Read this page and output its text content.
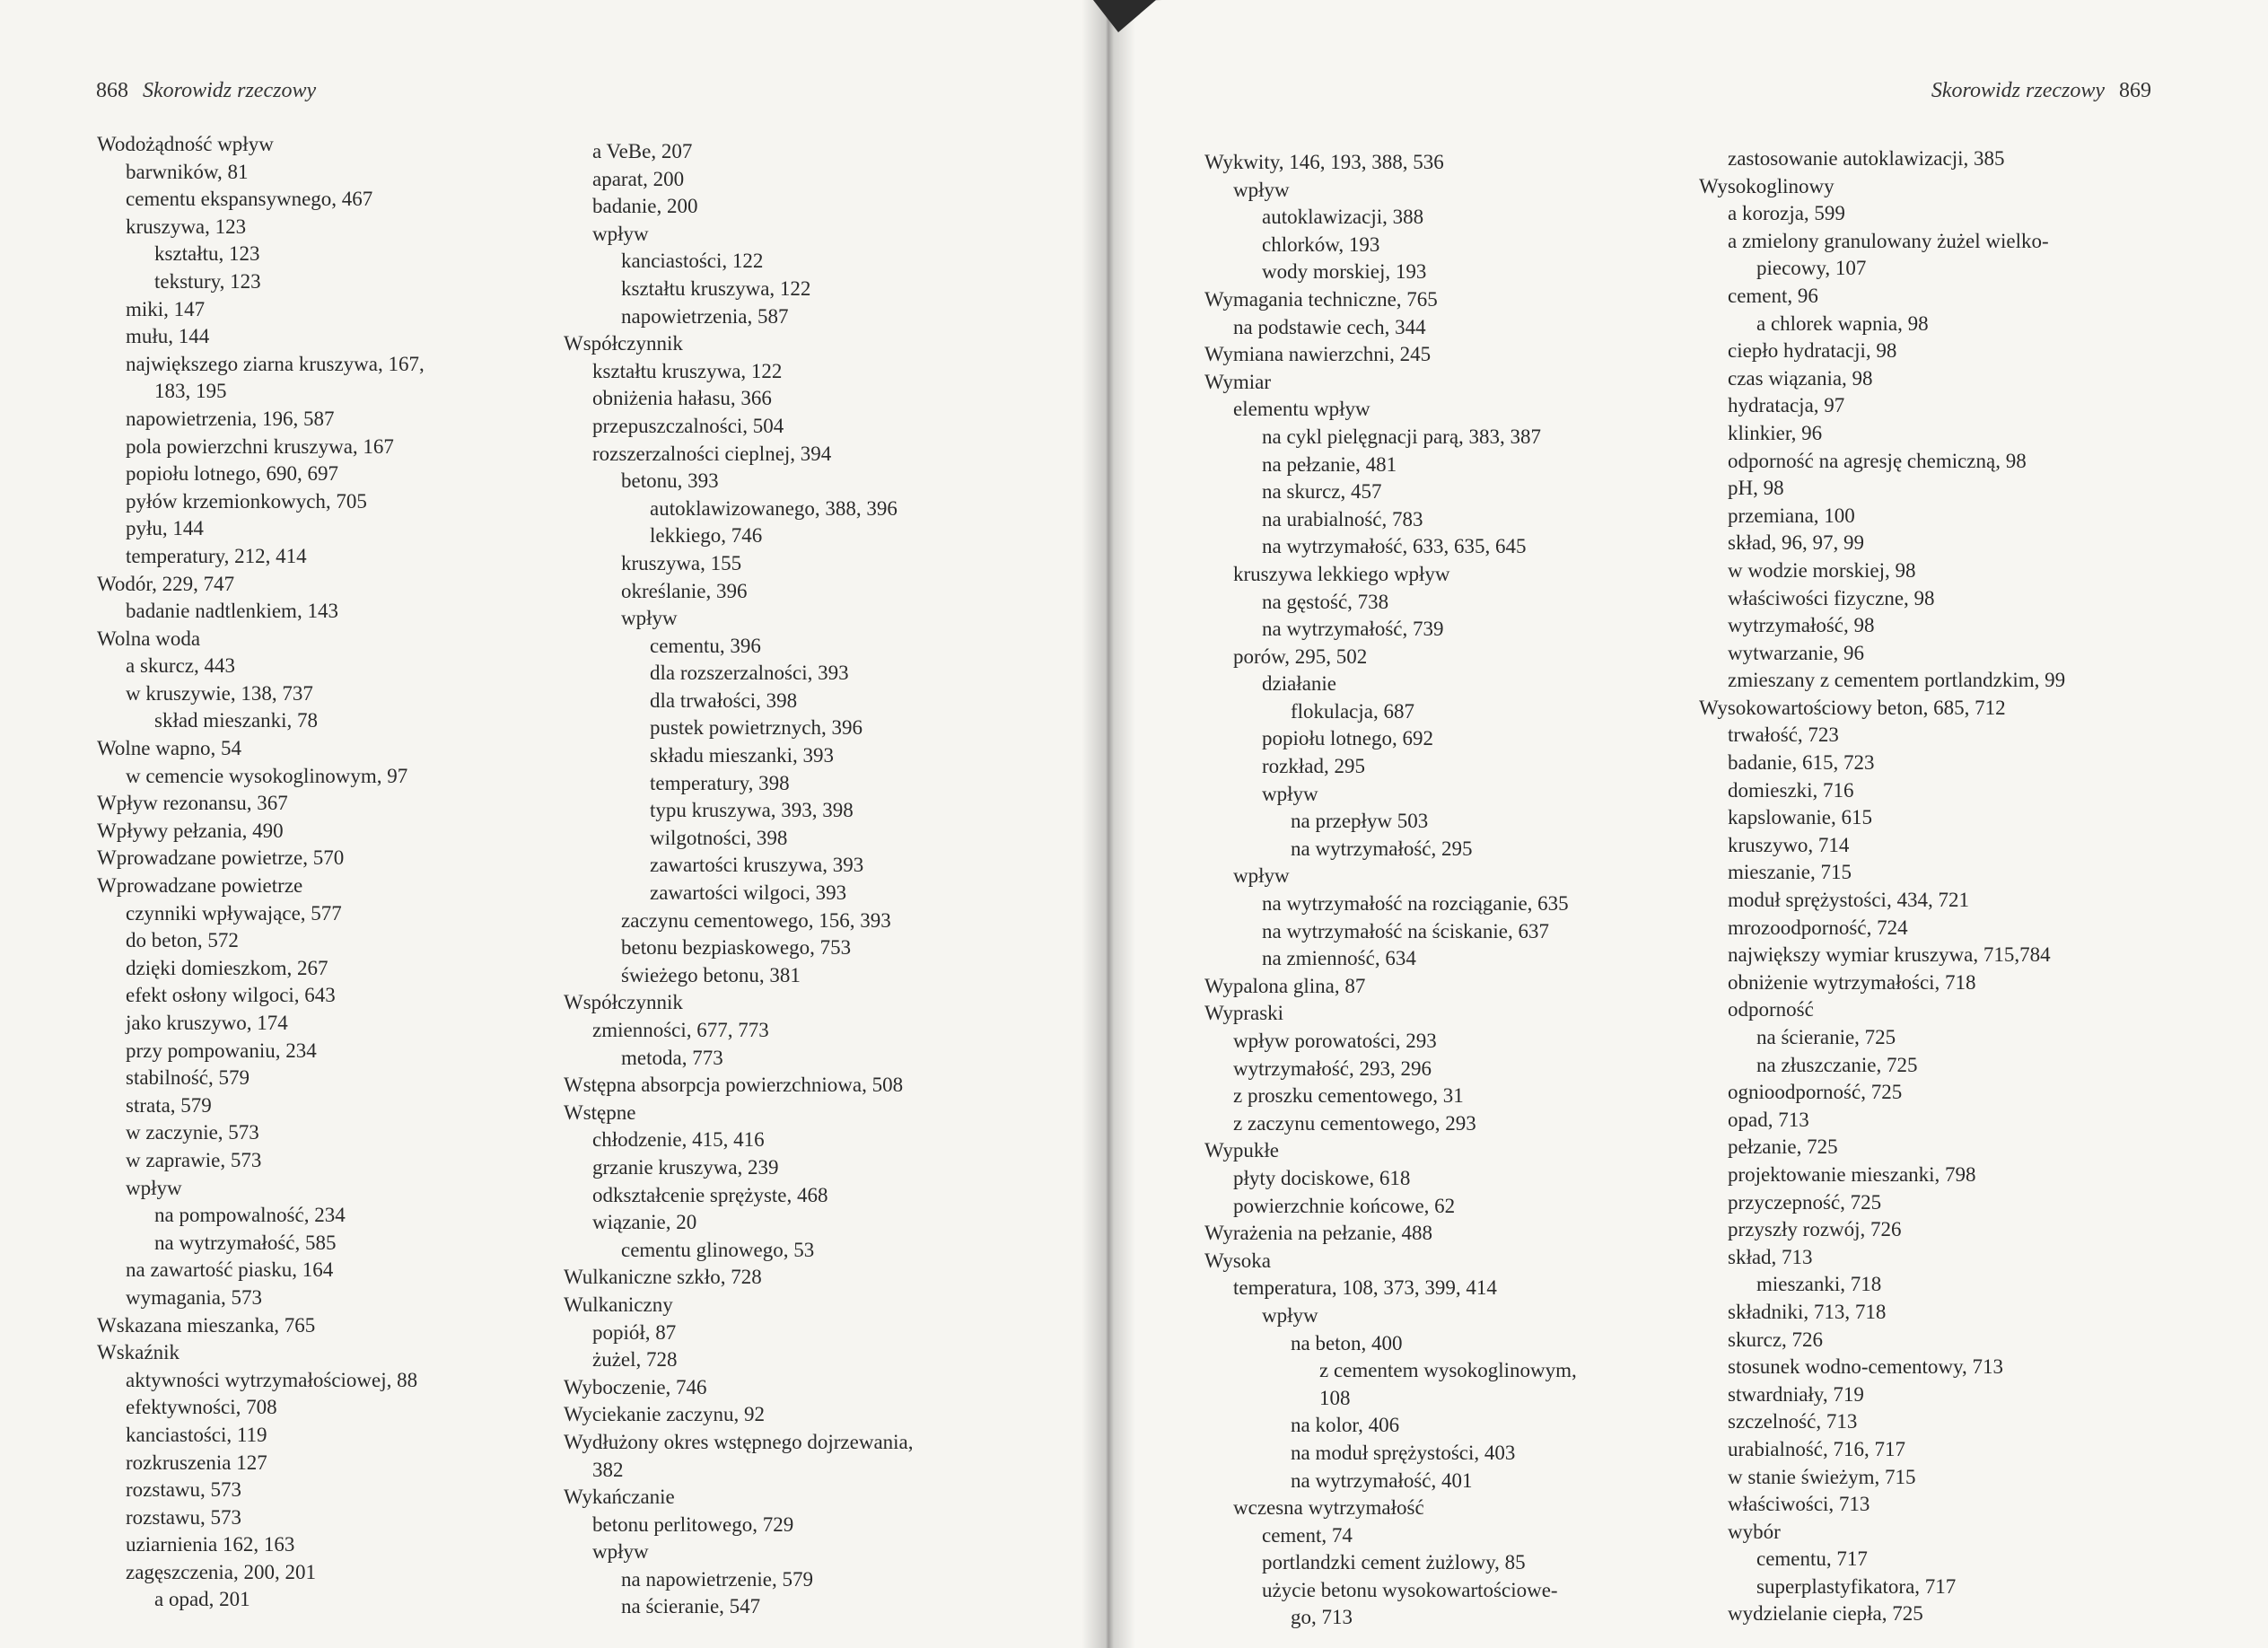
868 Skorowidz rzeczowy
Wodożądność wpływ
barwników, 81
cementu ekspansywnego, 467
kruszywa, 123
kształtu, 123
tekstury, 123
miki, 147
mułu, 144
największego ziarna kruszywa, 167,
183, 195
napowietrzenia, 196, 587
pola powierzchni kruszywa, 167
popiołu lotnego, 690, 697
pyłów krzemionkowych, 705
pyłu, 144
temperatury, 212, 414
Wodór, 229, 747
badanie nadtlenkiem, 143
Wolna woda
a skurcz, 443
w kruszywie, 138, 737
skład mieszanki, 78
Wolne wapno, 54
w cemencie wysokoglinowym, 97
Wpływ rezonansu, 367
Wpływy pełzania, 490
Wprowadzane powietrze, 570
Wprowadzane powietrze
czynniki wpływające, 577
do beton, 572
dzięki domieszkom, 267
efekt osłony wilgoci, 643
jako kruszywo, 174
przy pompowaniu, 234
stabilność, 579
strata, 579
w zaczynie, 573
w zaprawie, 573
wpływ
na pompowalność, 234
na wytrzymałość, 585
na zawartość piasku, 164
wymagania, 573
Wskazana mieszanka, 765
Wskaźnik
aktywności wytrzymałościowej, 88
efektywności, 708
kanciastości, 119
rozkruszenia 127
rozstawu, 573
rozstawu, 573
uziarnienia 162, 163
zagęszczenia, 200, 201
a opad, 201
a VeBe, 207
aparat, 200
badanie, 200
wpływ
kanciastości, 122
kształtu kruszywa, 122
napowietrzenia, 587
Współczynnik
kształtu kruszywa, 122
obniżenia hałasu, 366
przepuszczalności, 504
rozszerzalności cieplnej, 394
betonu, 393
autoklawizowanego, 388, 396
lekkiego, 746
kruszywa, 155
określanie, 396
wpływ
cementu, 396
dla rozszerzalności, 393
dla trwałości, 398
pustek powietrznych, 396
składu mieszanki, 393
temperatury, 398
typu kruszywa, 393, 398
wilgotności, 398
zawartości kruszywa, 393
zawartości wilgoci, 393
zaczynu cementowego, 156, 393
betonu bezpiaskowego, 753
świeżego betonu, 381
Współczynnik
zmienności, 677, 773
metoda, 773
Wstępna absorpcja powierzchniowa, 508
Wstępne
chłodzenie, 415, 416
grzanie kruszywa, 239
odkształcenie sprężyste, 468
wiązanie, 20
cementu glinowego, 53
Wulkaniczne szkło, 728
Wulkaniczny
popiół, 87
żużel, 728
Wyboczenie, 746
Wyciekanie zaczynu, 92
Wydłużony okres wstępnego dojrzewania,
382
Wykańczanie
betonu perlitowego, 729
wpływ
na napowietrzenie, 579
na ścieranie, 547
Skorowidz rzeczowy 869
Wykwity, 146, 193, 388, 536
wpływ
autoklawizacji, 388
chlorków, 193
wody morskiej, 193
Wymagania techniczne, 765
na podstawie cech, 344
Wymiana nawierzchni, 245
Wymiar
elementu wpływ
na cykl pielęgnacji parą, 383, 387
na pełzanie, 481
na skurcz, 457
na urabialność, 783
na wytrzymałość, 633, 635, 645
kruszywa lekkiego wpływ
na gęstość, 738
na wytrzymałość, 739
porów, 295, 502
działanie
flokulacja, 687
popiołu lotnego, 692
rozkład, 295
wpływ
na przepływ 503
na wytrzymałość, 295
wpływ
na wytrzymałość na rozciąganie, 635
na wytrzymałość na ściskanie, 637
na zmienność, 634
Wypalona glina, 87
Wypraski
wpływ porowatości, 293
wytrzymałość, 293, 296
z proszku cementowego, 31
z zaczynu cementowego, 293
Wypukłe
płyty dociskowe, 618
powierzchnie końcowe, 62
Wyrażenia na pełzanie, 488
Wysoka
temperatura, 108, 373, 399, 414
wpływ
na beton, 400
z cementem wysokoglinowym,
108
na kolor, 406
na moduł sprężystości, 403
na wytrzymałość, 401
wczesna wytrzymałość
cement, 74
portlandzki cement żużlowy, 85
użycie betonu wysokowartościowe-
go, 713
zastosowanie autoklawizacji, 385
Wysokoglinowy
a korozja, 599
a zmielony granulowany żużel wielko-
piecowy, 107
cement, 96
a chlorek wapnia, 98
ciepło hydratacji, 98
czas wiązania, 98
hydratacja, 97
klinkier, 96
odporność na agresję chemiczną, 98
pH, 98
przemiana, 100
skład, 96, 97, 99
w wodzie morskiej, 98
właściwości fizyczne, 98
wytrzymałość, 98
wytwarzanie, 96
zmieszany z cementem portlandzkim, 99
Wysokowartościowy beton, 685, 712
trwałość, 723
badanie, 615, 723
domieszki, 716
kapslowanie, 615
kruszywo, 714
mieszanie, 715
moduł sprężystości, 434, 721
mrozoodporność, 724
największy wymiar kruszywa, 715,784
obniżenie wytrzymałości, 718
odporność
na ścieranie, 725
na złuszczanie, 725
ognioodporność, 725
opad, 713
pełzanie, 725
projektowanie mieszanki, 798
przyczepność, 725
przyszły rozwój, 726
skład, 713
mieszanki, 718
składniki, 713, 718
skurcz, 726
stosunek wodno-cementowy, 713
stwardniały, 719
szczelność, 713
urabialność, 716, 717
w stanie świeżym, 715
właściwości, 713
wybór
cementu, 717
superplastyfikatora, 717
wydzielanie ciepła, 725
